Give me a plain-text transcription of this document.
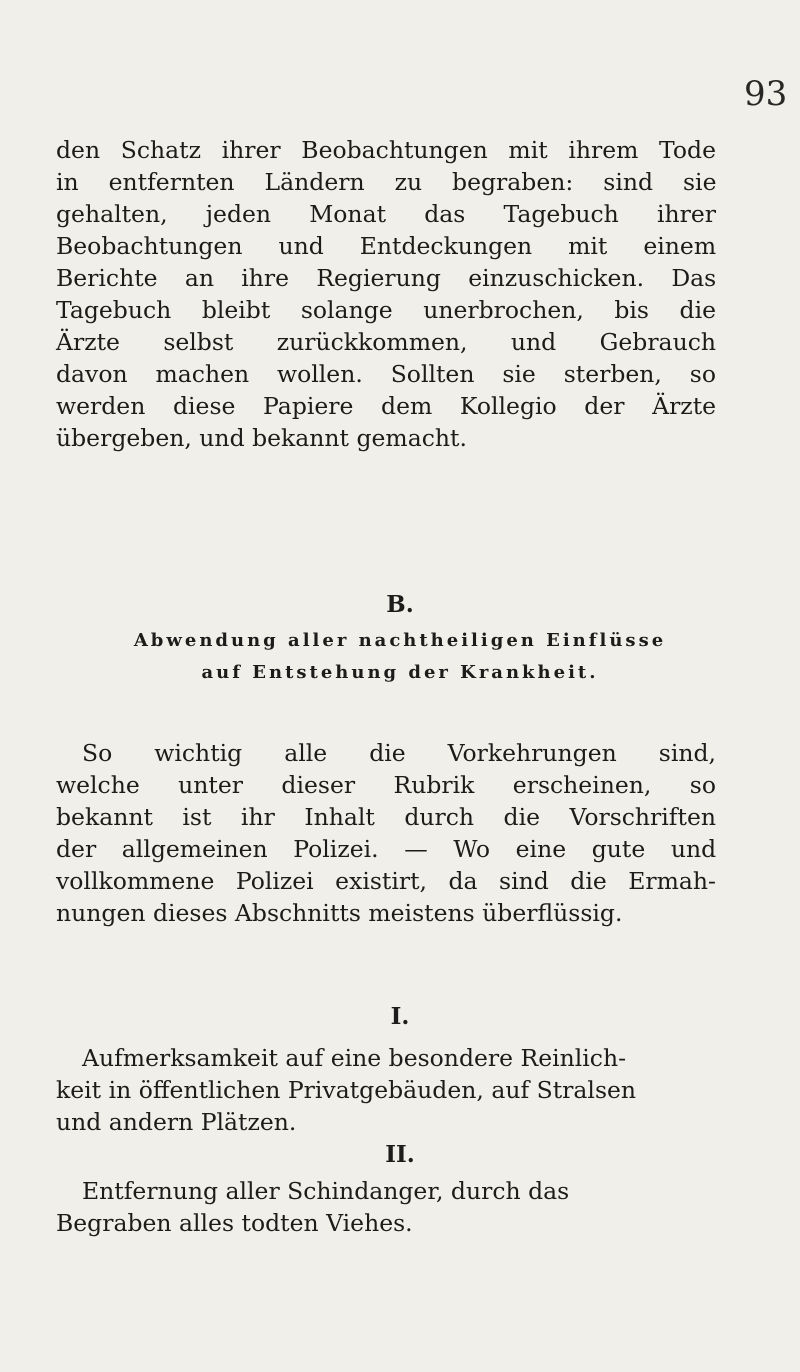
93
den Schatz ihrer Beobachtungen mit ihrem Tode
in entfernten Ländern zu begraben: sind sie
gehalten, jeden Monat das Tagebuch ihrer
Beobachtungen und Entdeckungen mit einem
Berichte an ihre Regierung einzuschicken. Das
Tagebuch bleibt solange unerbrochen, bis die
Ärzte selbst zurückkommen, und Gebrauch
davon machen wollen. Sollten sie sterben, so
werden diese Papiere dem Kollegio der Ärzte
übergeben, und bekannt gemacht.
B.
Abwendung aller nachtheiligen Einflüsse
auf Entstehung der Krankheit.
So wichtig alle die Vorkehrungen sind,
welche unter dieser Rubrik erscheinen, so
bekannt ist ihr Inhalt durch die Vorschriften
der allgemeinen Polizei. — Wo eine gute und
vollkommene Polizei existirt, da sind die Ermah-
nungen dieses Abschnitts meistens überflüssig.
I.
Aufmerksamkeit auf eine besondere Reinlich-
keit in öffentlichen Privatgebäuden, auf Stralsen
und andern Plätzen.
II.
Entfernung aller Schindanger, durch das
Begraben alles todten Viehes.
